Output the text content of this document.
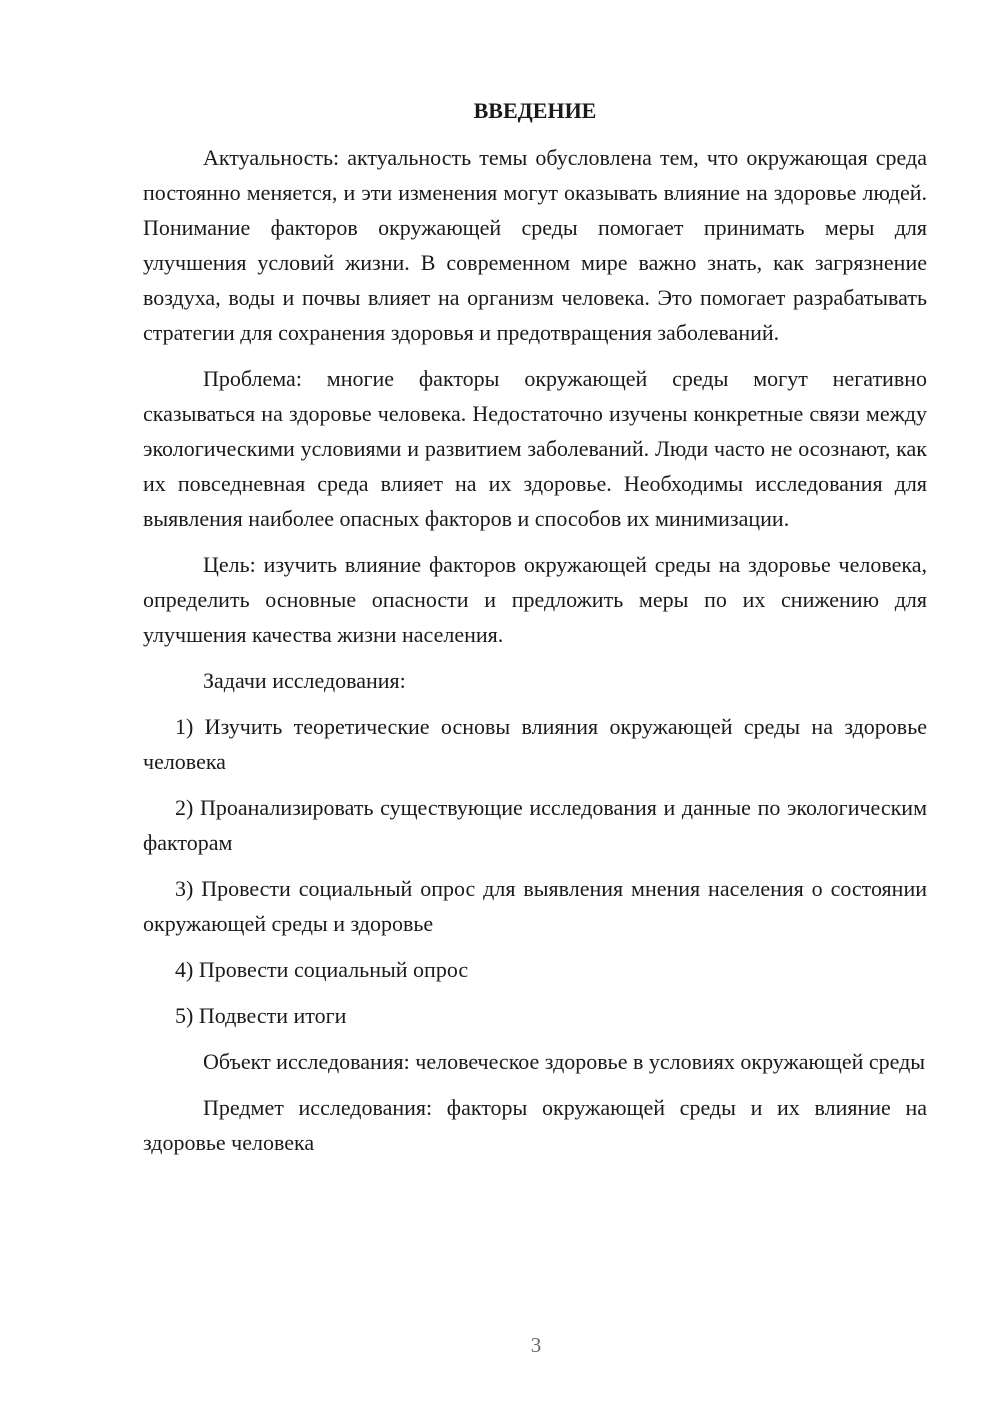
ВВЕДЕНИЕ

Актуальность: актуальность темы обусловлена тем, что окружающая среда постоянно меняется, и эти изменения могут оказывать влияние на здоровье людей. Понимание факторов окружающей среды помогает принимать меры для улучшения условий жизни. В современном мире важно знать, как загрязнение воздуха, воды и почвы влияет на организм человека. Это помогает разрабатывать стратегии для сохранения здоровья и предотвращения заболеваний.

Проблема: многие факторы окружающей среды могут негативно сказываться на здоровье человека. Недостаточно изучены конкретные связи между экологическими условиями и развитием заболеваний. Люди часто не осознают, как их повседневная среда влияет на их здоровье. Необходимы исследования для выявления наиболее опасных факторов и способов их минимизации.

Цель: изучить влияние факторов окружающей среды на здоровье человека, определить основные опасности и предложить меры по их снижению для улучшения качества жизни населения.

Задачи исследования:

1) Изучить теоретические основы влияния окружающей среды на здоровье человека

2) Проанализировать существующие исследования и данные по экологическим факторам

3) Провести социальный опрос для выявления мнения населения о состоянии окружающей среды и здоровье

4) Провести социальный опрос

5) Подвести итоги

Объект исследования: человеческое здоровье в условиях окружающей среды

Предмет исследования: факторы окружающей среды и их влияние на здоровье человека

3
